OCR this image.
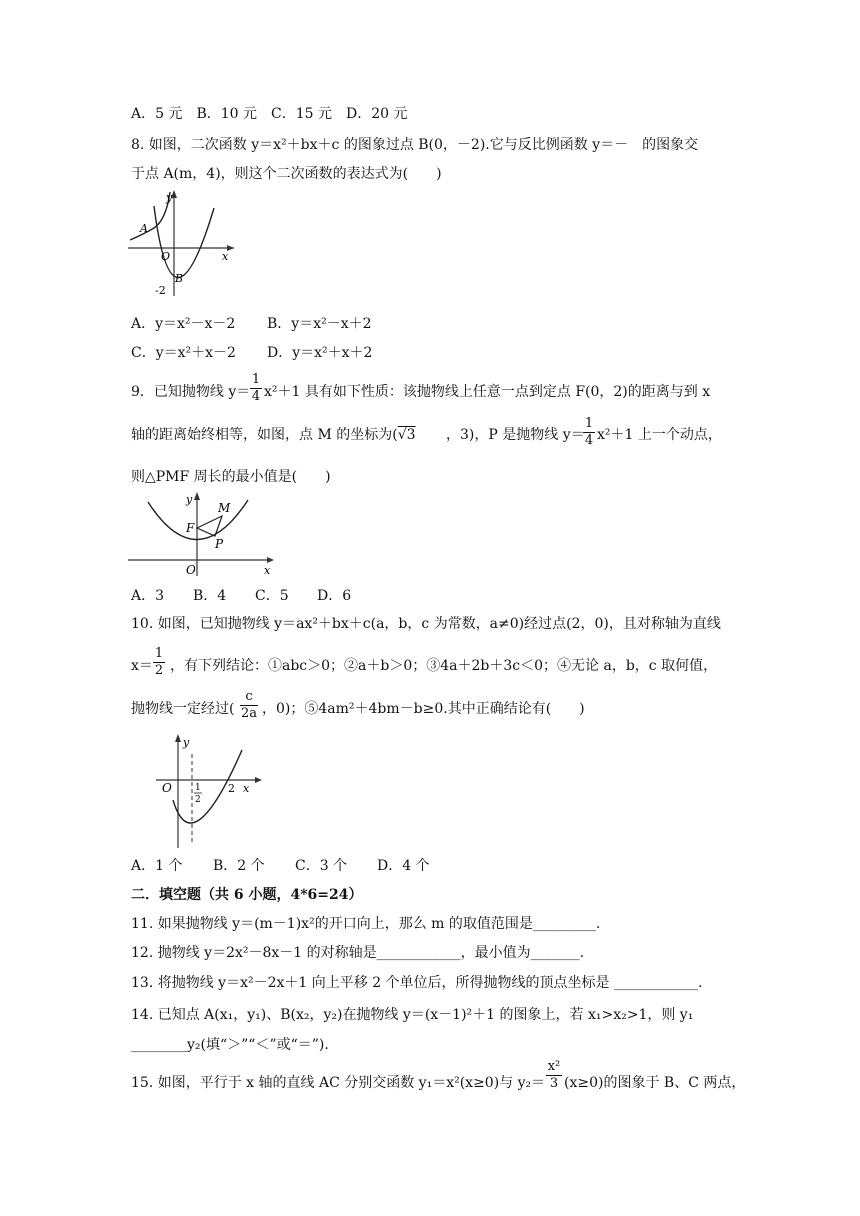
A．5 元　B．10 元　C．15 元　D．20 元
8. 如图，二次函数 y＝x²＋bx＋c 的图象过点 B(0，－2).它与反比例函数 y＝－　的图象交
于点 A(m，4)，则这个二次函数的表达式为(　　)
y
x
A
O
B
-2
A．y＝x²－x－2 B．y＝x²－x＋2
C．y＝x²＋x－2 D．y＝x²＋x＋2
9．已知抛物线 y＝
1
4 x²＋1 具有如下性质：该抛物线上任意一点到定点 F(0，2)的距离与到 x
轴的距离始终相等，如图，点 M 的坐标为(√3 ，3)，P 是抛物线 y＝
1
4 x²＋1 上一个动点，
则△PMF 周长的最小值是(　　)
y
x
M
F
P
O
A．3 B．4 C．5 D．6
10. 如图，已知抛物线 y＝ax²＋bx＋c(a，b，c 为常数，a≠0)经过点(2，0)，且对称轴为直线
x＝
1
2 ，有下列结论：①abc＞0；②a＋b＞0；③4a＋2b＋3c＜0；④无论 a，b，c 取何值，
抛物线一定经过(
c
2a ，0)；⑤4am²＋4bm－b≥0.其中正确结论有(　　)
y
x
O	2
1
2
A．1 个 B．2 个 C．3 个 D．4 个
二．填空题（共 6 小题，4*6=24）
11. 如果抛物线 y＝(m－1)x²的开口向上，那么 m 的取值范围是_________.
12. 抛物线 y＝2x²－8x－1 的对称轴是____________，最小值为_______.
13. 将抛物线 y＝x²－2x＋1 向上平移 2 个单位后，所得抛物线的顶点坐标是 ____________.
14. 已知点 A(x₁，y₁)、B(x₂，y₂)在抛物线 y＝(x－1)²＋1 的图象上，若 x₁>x₂>1，则 y₁
________y₂(填“＞”“＜”或“＝”).
15. 如图，平行于 x 轴的直线 AC 分别交函数 y₁＝x²(x≥0)与 y₂＝
x²
3 (x≥0)的图象于 B、C 两点，
